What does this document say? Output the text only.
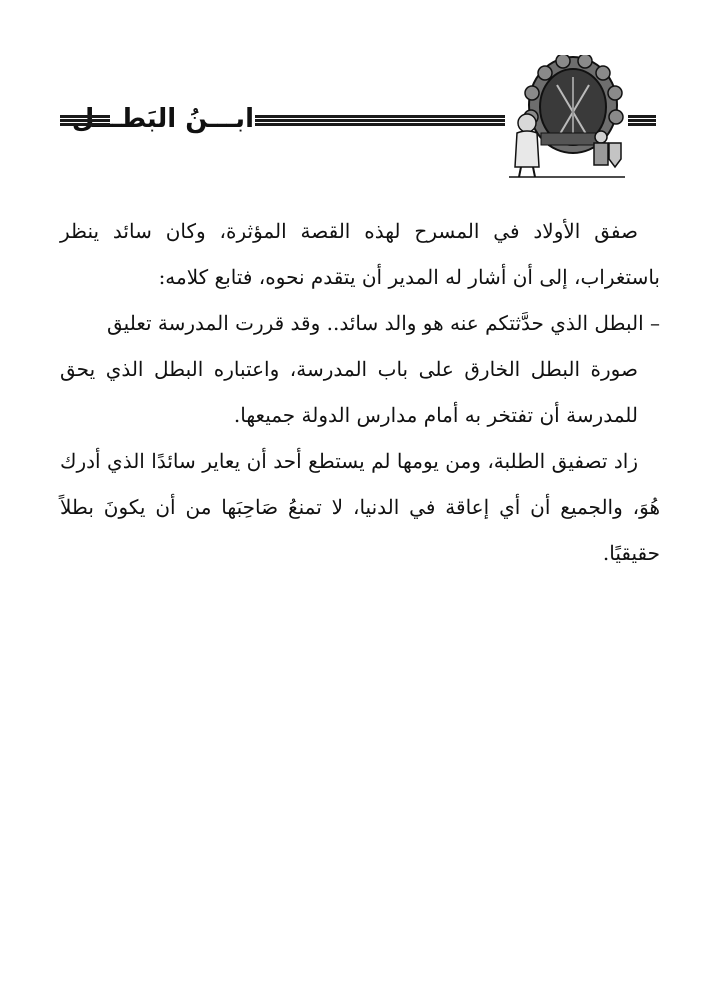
ابـــنُ البَطـــل

صفق الأولاد في المسرح لهذه القصة المؤثرة، وكان سائد ينظر باستغراب، إلى أن أشار له المدير أن يتقدم نحوه، فتابع كلامه:

– البطل الذي حدَّثتكم عنه هو والد سائد.. وقد قررت المدرسة تعليق

صورة البطل الخارق على باب المدرسة، واعتباره البطل الذي يحق للمدرسة أن تفتخر به أمام مدارس الدولة جميعها.

زاد تصفيق الطلبة، ومن يومها لم يستطع أحد أن يعاير سائدًا الذي أدرك هُوَ، والجميع أن أي إعاقة في الدنيا، لا تمنعُ صَاحِبَها من أن يكونَ بطلاً حقيقيًا.
